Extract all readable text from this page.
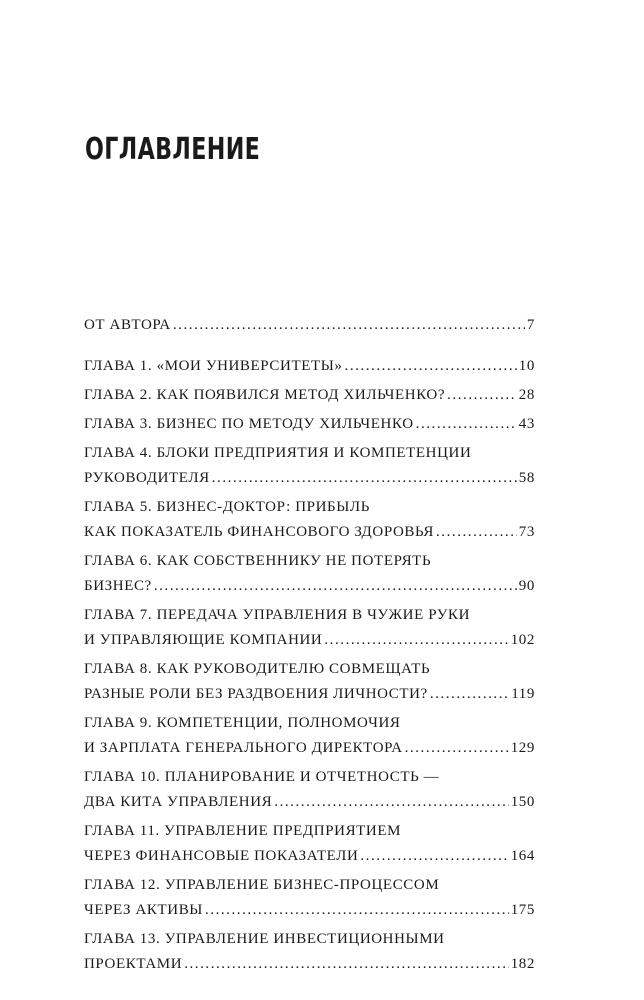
ОГЛАВЛЕНИЕ
ОТ АВТОРА . . .	7
ГЛАВА 1. «МОИ УНИВЕРСИТЕТЫ» . . .	10
ГЛАВА 2. КАК ПОЯВИЛСЯ МЕТОД ХИЛЬЧЕНКО? . . .	28
ГЛАВА 3. БИЗНЕС ПО МЕТОДУ ХИЛЬЧЕНКО . . .	43
ГЛАВА 4. БЛОКИ ПРЕДПРИЯТИЯ И КОМПЕТЕНЦИИ
РУКОВОДИТЕЛЯ . . .	58
ГЛАВА 5. БИЗНЕС-ДОКТОР: ПРИБЫЛЬ
КАК ПОКАЗАТЕЛЬ ФИНАНСОВОГО ЗДОРОВЬЯ . . .	73
ГЛАВА 6. КАК СОБСТВЕННИКУ НЕ ПОТЕРЯТЬ
БИЗНЕС? . . .	90
ГЛАВА 7. ПЕРЕДАЧА УПРАВЛЕНИЯ В ЧУЖИЕ РУКИ
И УПРАВЛЯЮЩИЕ КОМПАНИИ . . .	102
ГЛАВА 8. КАК РУКОВОДИТЕЛЮ СОВМЕЩАТЬ
РАЗНЫЕ РОЛИ БЕЗ РАЗДВОЕНИЯ ЛИЧНОСТИ? . . .	119
ГЛАВА 9. КОМПЕТЕНЦИИ, ПОЛНОМОЧИЯ
И ЗАРПЛАТА ГЕНЕРАЛЬНОГО ДИРЕКТОРА . . .	129
ГЛАВА 10. ПЛАНИРОВАНИЕ И ОТЧЕТНОСТЬ —
ДВА КИТА УПРАВЛЕНИЯ . . .	150
ГЛАВА 11. УПРАВЛЕНИЕ ПРЕДПРИЯТИЕМ
ЧЕРЕЗ ФИНАНСОВЫЕ ПОКАЗАТЕЛИ . . .	164
ГЛАВА 12. УПРАВЛЕНИЕ БИЗНЕС-ПРОЦЕССОМ
ЧЕРЕЗ АКТИВЫ . . .	175
ГЛАВА 13. УПРАВЛЕНИЕ ИНВЕСТИЦИОННЫМИ
ПРОЕКТАМИ . . .	182
